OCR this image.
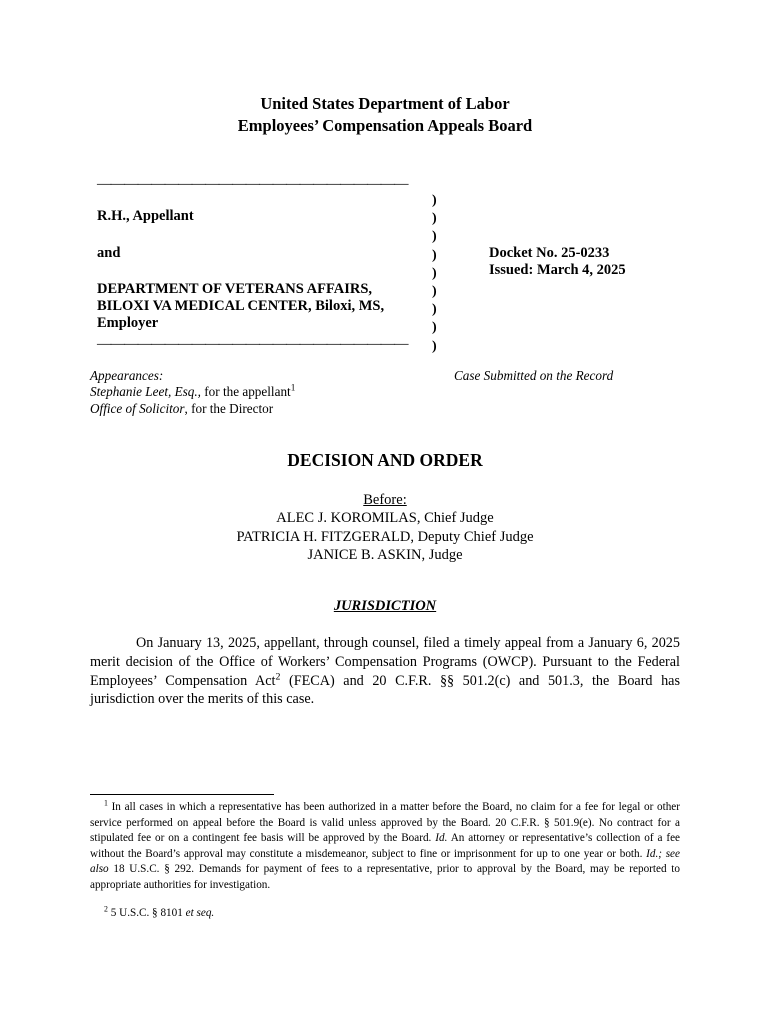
United States Department of Labor
Employees’ Compensation Appeals Board
———————————————————————
R.H., Appellant
and
DEPARTMENT OF VETERANS AFFAIRS,
BILOXI VA MEDICAL CENTER, Biloxi, MS,
Employer
———————————————————————
)
)
)
)
)
)
)
)
)
Docket No. 25-0233
Issued: March 4, 2025
Appearances:
Stephanie Leet, Esq., for the appellant$^1$
Office of Solicitor, for the Director
Case Submitted on the Record
DECISION AND ORDER
Before:
ALEC J. KOROMILAS, Chief Judge
PATRICIA H. FITZGERALD, Deputy Chief Judge
JANICE B. ASKIN, Judge
JURISDICTION
On January 13, 2025, appellant, through counsel, filed a timely appeal from a January 6, 2025 merit decision of the Office of Workers’ Compensation Programs (OWCP). Pursuant to the Federal Employees’ Compensation Act$^2$ (FECA) and 20 C.F.R. §§ 501.2(c) and 501.3, the Board has jurisdiction over the merits of this case.
$^1$ In all cases in which a representative has been authorized in a matter before the Board, no claim for a fee for legal or other service performed on appeal before the Board is valid unless approved by the Board. 20 C.F.R. § 501.9(e). No contract for a stipulated fee or on a contingent fee basis will be approved by the Board. Id. An attorney or representative’s collection of a fee without the Board’s approval may constitute a misdemeanor, subject to fine or imprisonment for up to one year or both. Id.; see also 18 U.S.C. § 292. Demands for payment of fees to a representative, prior to approval by the Board, may be reported to appropriate authorities for investigation.
$^2$ 5 U.S.C. § 8101 et seq.
